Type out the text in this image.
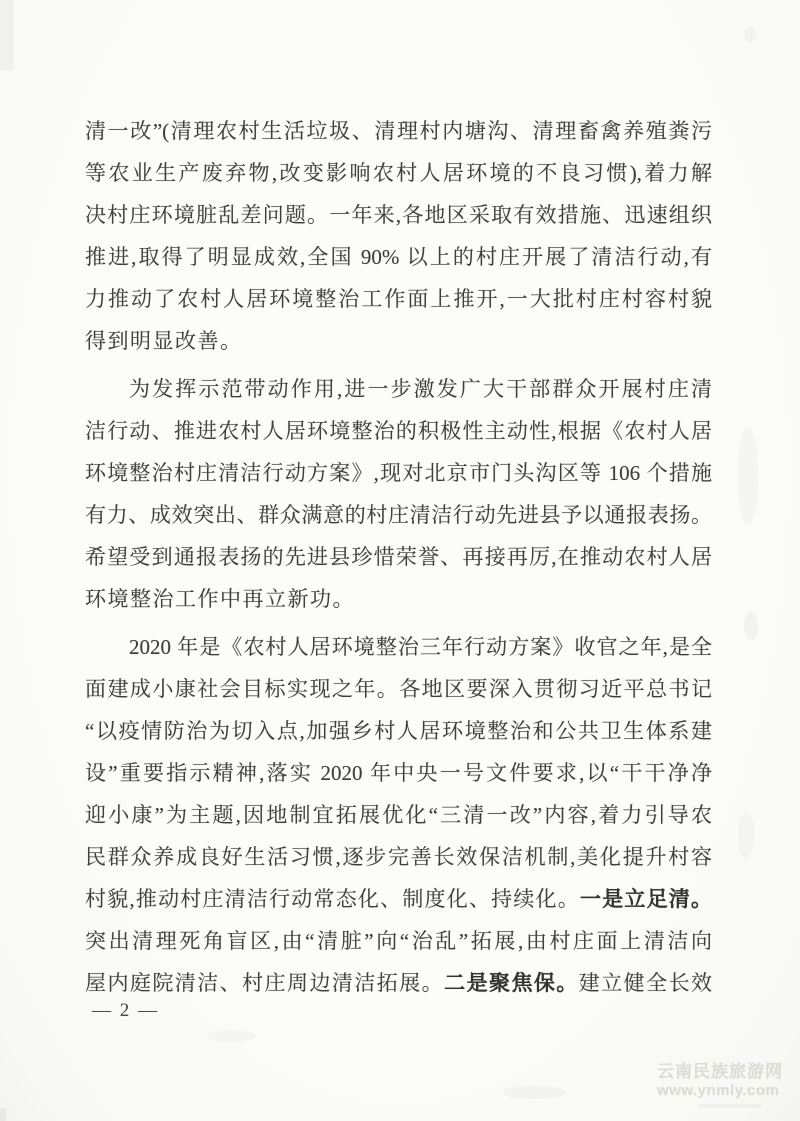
清一改”(清理农村生活垃圾、清理村内塘沟、清理畜禽养殖粪污
等农业生产废弃物,改变影响农村人居环境的不良习惯),着力解
决村庄环境脏乱差问题。一年来,各地区采取有效措施、迅速组织
推进,取得了明显成效,全国 90% 以上的村庄开展了清洁行动,有
力推动了农村人居环境整治工作面上推开,一大批村庄村容村貌
得到明显改善。
为发挥示范带动作用,进一步激发广大干部群众开展村庄清
洁行动、推进农村人居环境整治的积极性主动性,根据《农村人居
环境整治村庄清洁行动方案》,现对北京市门头沟区等 106 个措施
有力、成效突出、群众满意的村庄清洁行动先进县予以通报表扬。
希望受到通报表扬的先进县珍惜荣誉、再接再厉,在推动农村人居
环境整治工作中再立新功。
2020 年是《农村人居环境整治三年行动方案》收官之年,是全
面建成小康社会目标实现之年。各地区要深入贯彻习近平总书记
“以疫情防治为切入点,加强乡村人居环境整治和公共卫生体系建
设”重要指示精神,落实 2020 年中央一号文件要求,以“干干净净
迎小康”为主题,因地制宜拓展优化“三清一改”内容,着力引导农
民群众养成良好生活习惯,逐步完善长效保洁机制,美化提升村容
村貌,推动村庄清洁行动常态化、制度化、持续化。一是立足清。
突出清理死角盲区,由“清脏”向“治乱”拓展,由村庄面上清洁向
屋内庭院清洁、村庄周边清洁拓展。二是聚焦保。建立健全长效
— 2 —
云南民族旅游网
www.ynmly.com
